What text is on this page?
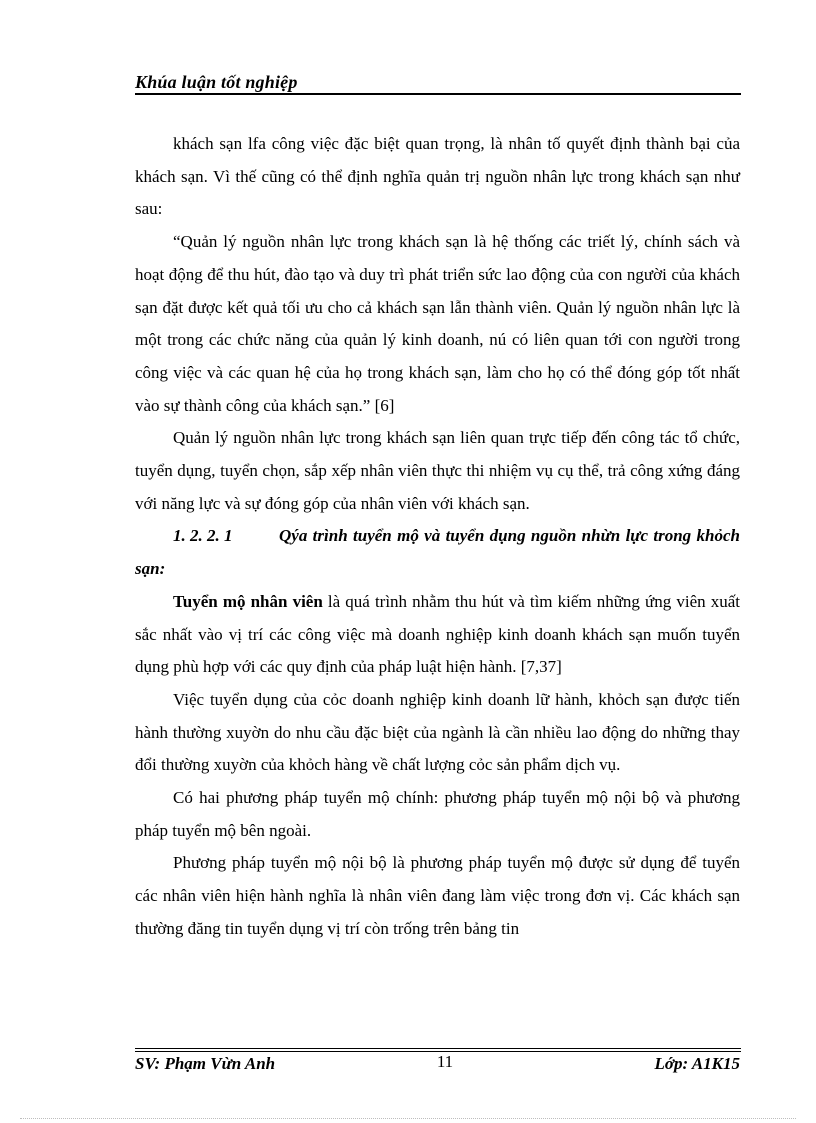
Khúa luận tốt nghiệp

khách sạn lfa công việc đặc biệt quan trọng, là nhân tố quyết định thành bại của khách sạn. Vì thế cũng có thể định nghĩa quản trị nguồn nhân lực trong khách sạn như sau:

“Quản lý nguồn nhân lực trong khách sạn là hệ thống các triết lý, chính sách và hoạt động để thu hút, đào tạo và duy trì phát triển sức lao động của con người của khách sạn đặt được kết quả tối ưu cho cả khách sạn lẫn thành viên. Quản lý nguồn nhân lực là một trong các chức năng của quản lý kinh doanh, nú có liên quan tới con người trong công việc và các quan hệ của họ trong khách sạn, làm cho họ có thể đóng góp tốt nhất vào sự thành công của khách sạn.” [6]

Quản lý nguồn nhân lực trong khách sạn liên quan trực tiếp đến công tác tổ chức, tuyển dụng, tuyển chọn, sắp xếp nhân viên thực thi nhiệm vụ cụ thể, trả công xứng đáng với năng lực và sự đóng góp của nhân viên với khách sạn.

1. 2. 2. 1	Qýa trình tuyển mộ và tuyển dụng nguồn nhừn lực trong khỏch sạn:

Tuyển mộ nhân viên là quá trình nhằm thu hút và tìm kiếm những ứng viên xuất sắc nhất vào vị trí các công việc mà doanh nghiệp kinh doanh khách sạn muốn tuyển dụng phù hợp với các quy định của pháp luật hiện hành. [7,37]

Việc tuyển dụng của cỏc doanh nghiệp kinh doanh lữ hành, khỏch sạn được tiến hành thường xuyờn do nhu cầu đặc biệt của ngành là cần nhiều lao động do những thay đổi thường xuyờn của khỏch hàng về chất lượng cỏc sản phẩm dịch vụ.

Có hai phương pháp tuyển mộ chính: phương pháp tuyển mộ nội bộ và phương pháp tuyển mộ bên ngoài.

Phương pháp tuyển mộ nội bộ là phương pháp tuyển mộ được sử dụng để tuyển các nhân viên hiện hành nghĩa là nhân viên đang làm việc trong đơn vị. Các khách sạn thường đăng tin tuyển dụng vị trí còn trống trên bảng tin

SV: Phạm Vừn Anh	11	Lớp: A1K15
